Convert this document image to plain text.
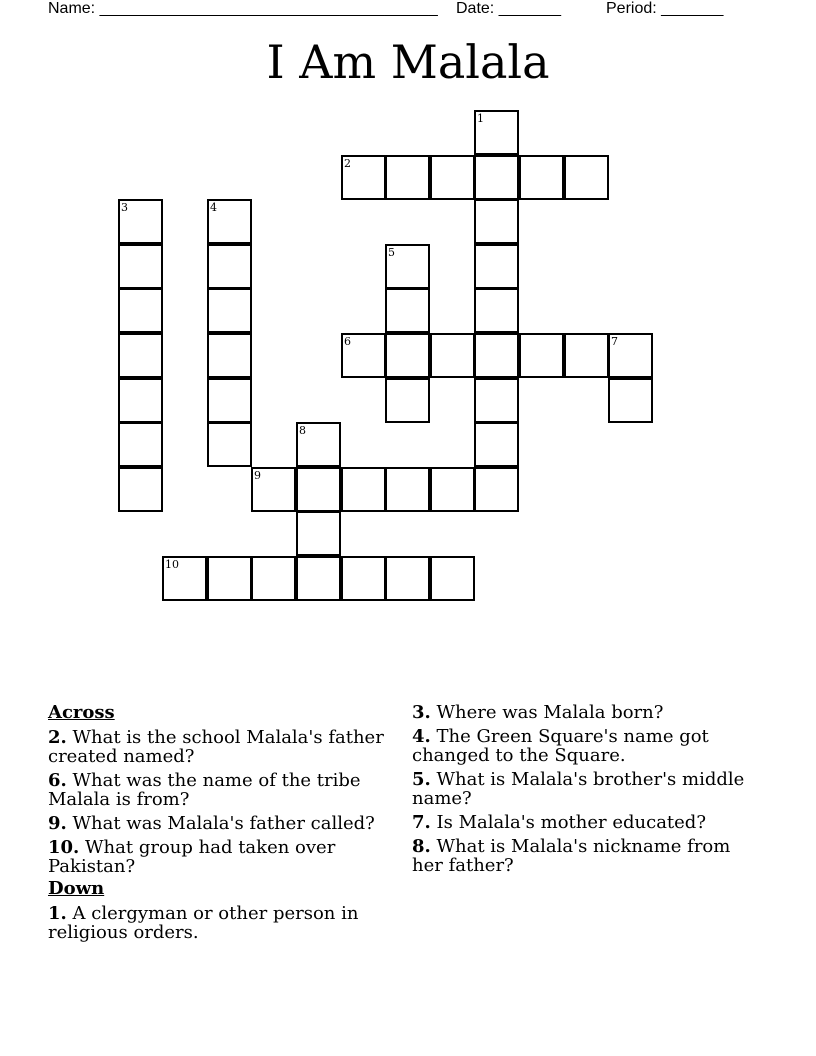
Name: ______________________________________ Date: _______	Period: _______
I Am Malala
1
2
3	4
5
6	7
8
9
10
Across
2. What is the school Malala's father created named?
6. What was the name of the tribe Malala is from?
9. What was Malala's father called?
10. What group had taken over Pakistan?
Down
1. A clergyman or other person in religious orders.
3. Where was Malala born?
4. The Green Square's name got changed to the Square.
5. What is Malala's brother's middle name?
7. Is Malala's mother educated?
8. What is Malala's nickname from her father?
